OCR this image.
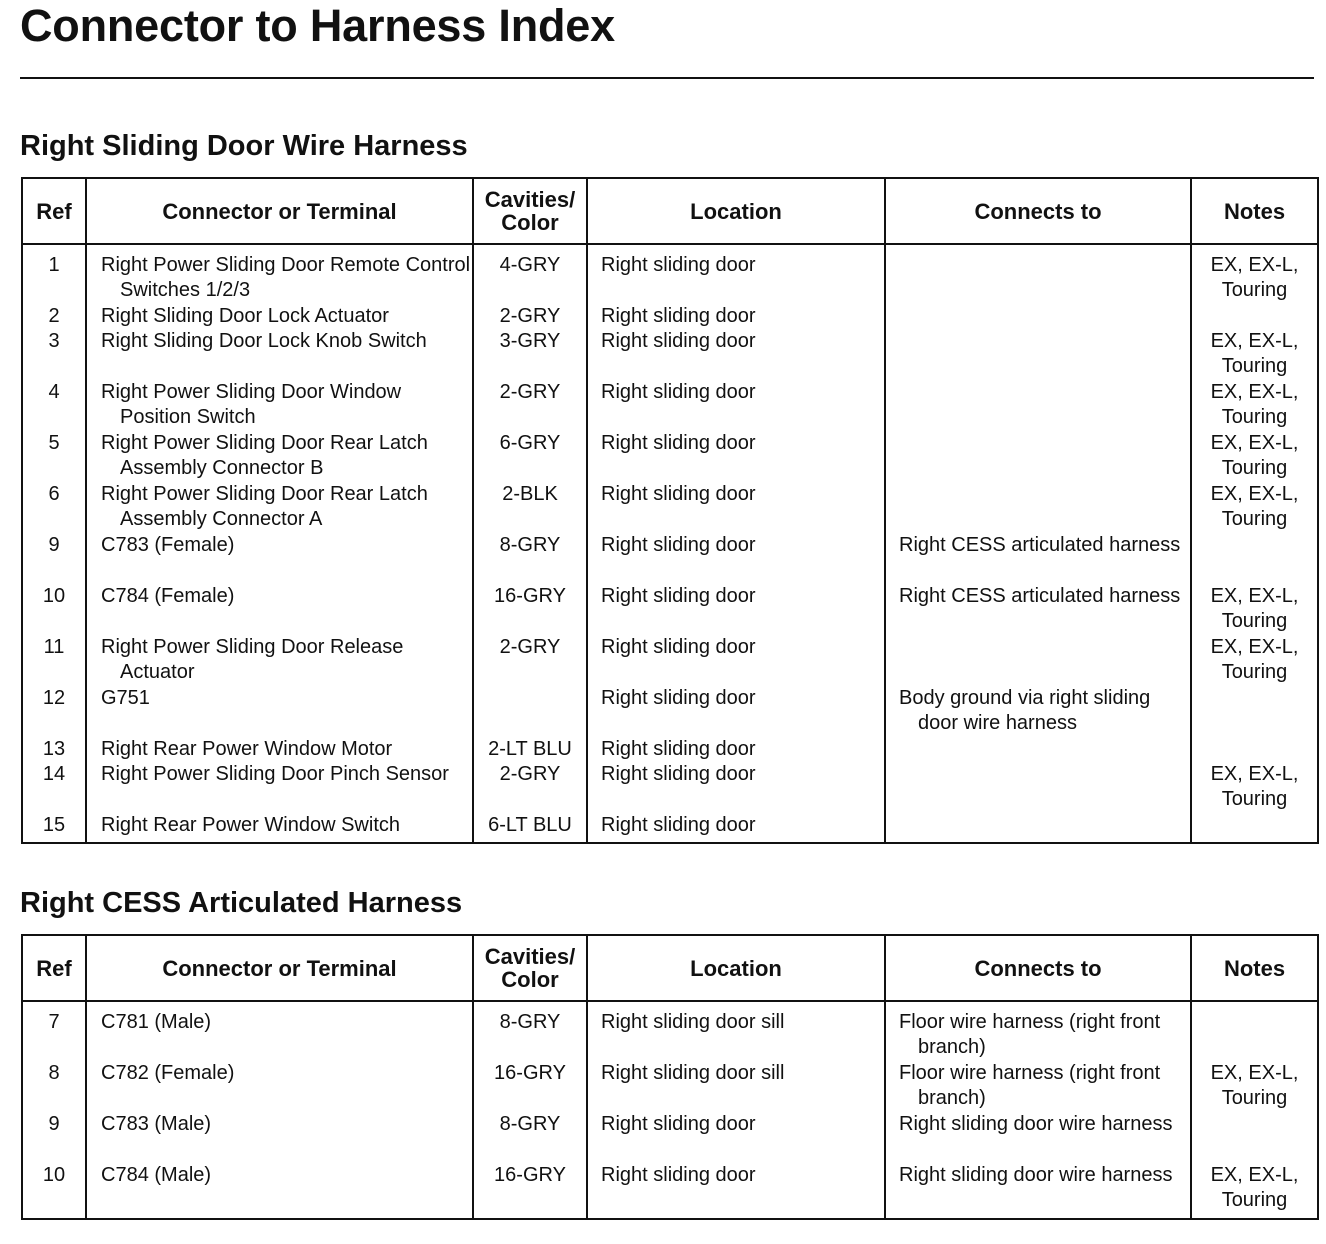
Connector to Harness Index
Right Sliding Door Wire Harness
Ref	Connector or Terminal	Cavities/ Color	Location	Connects to	Notes
1	Right Power Sliding Door Remote Control Switches 1/2/3	4-GRY	Right sliding door		EX, EX-L, Touring
2	Right Sliding Door Lock Actuator	2-GRY	Right sliding door	

3	Right Sliding Door Lock Knob Switch	3-GRY	Right sliding door		EX, EX-L, Touring
4	Right Power Sliding Door Window Position Switch	2-GRY	Right sliding door		EX, EX-L, Touring
5	Right Power Sliding Door Rear Latch Assembly Connector B	6-GRY	Right sliding door		EX, EX-L, Touring
6	Right Power Sliding Door Rear Latch Assembly Connector A	2-BLK	Right sliding door		EX, EX-L, Touring
9	C783 (Female)	8-GRY	Right sliding door	Right CESS articulated harness	

10	C784 (Female)	16-GRY	Right sliding door	Right CESS articulated harness	EX, EX-L, Touring
11	Right Power Sliding Door Release Actuator	2-GRY	Right sliding door		EX, EX-L, Touring
12	G751		Right sliding door	Body ground via right sliding door wire harness	

13	Right Rear Power Window Motor	2-LT BLU	Right sliding door	

14	Right Power Sliding Door Pinch Sensor	2-GRY	Right sliding door		EX, EX-L, Touring
15	Right Rear Power Window Switch	6-LT BLU	Right sliding door	

Right CESS Articulated Harness
Ref	Connector or Terminal	Cavities/ Color	Location	Connects to	Notes
7	C781 (Male)	8-GRY	Right sliding door sill	Floor wire harness (right front branch)	

8	C782 (Female)	16-GRY	Right sliding door sill	Floor wire harness (right front branch)	EX, EX-L, Touring
9	C783 (Male)	8-GRY	Right sliding door	Right sliding door wire harness	

10	C784 (Male)	16-GRY	Right sliding door	Right sliding door wire harness	EX, EX-L, Touring
